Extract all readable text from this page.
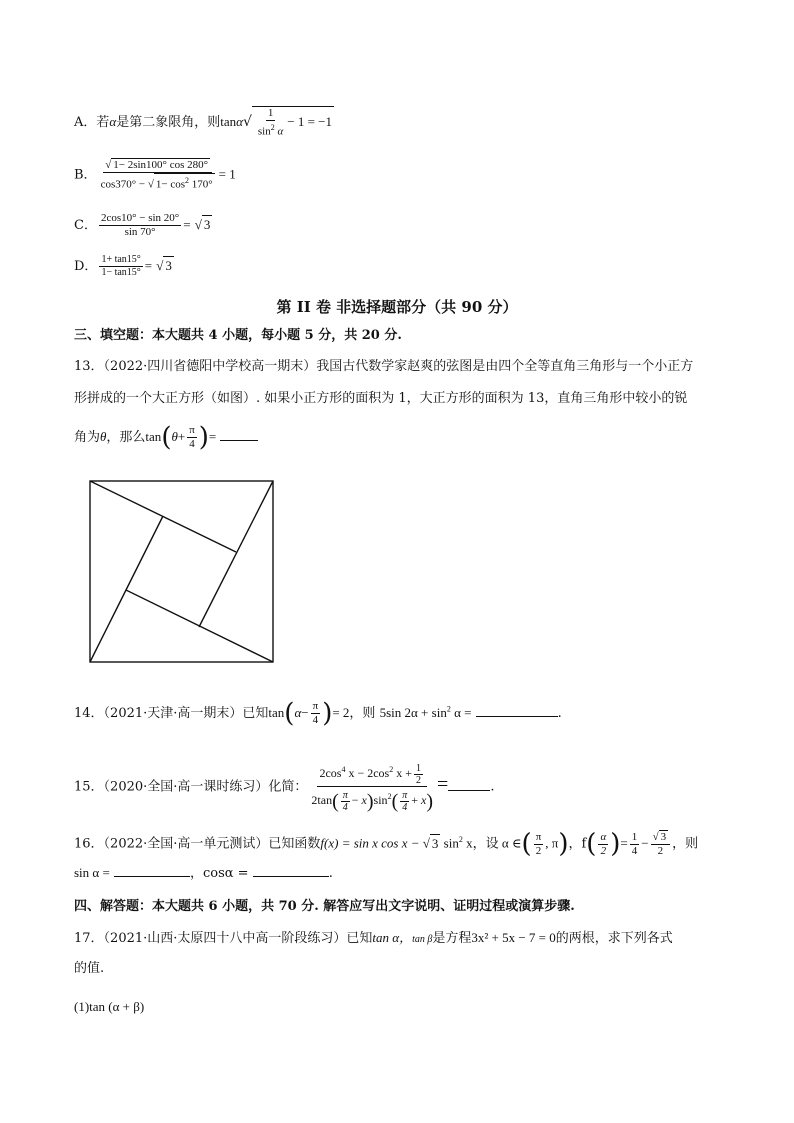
A．若α是第二象限角，则$\tan\alpha√ \frac{1}{\sin^2 \alpha} - 1 = -1$
B． $\frac{√ 1- 2\sin 100^\circ \cos 280^\circ}{\cos 370^\circ - √ 1- \cos^2 170^\circ} = 1$
C． $\frac{2\cos 10^\circ - \sin 20^\circ}{\sin 70^\circ}$ = √ 3
D． $\frac{1+ \tan 15^\circ}{1- \tan 15^\circ}$ = √ 3
第 II 卷 非选择题部分（共 90 分）
三、填空题：本大题共 4 小题，每小题 5 分，共 20 分.
13．（2022·四川省德阳中学校高一期末）我国古代数学家赵爽的弦图是由四个全等直角三角形与一个小正方
形拼成的一个大正方形（如图）. 如果小正方形的面积为 1，大正方形的面积为 13，直角三角形中较小的锐
角为θ，那么$\tan(\theta+ \frac{\pi}{4}$ )=
14．（2021·天津·高一期末）已知$\tan(\alpha- \frac{\pi}{4}$ )= 2，则 5sin $2\alpha + \sin^2 \alpha$ =	.
15．（2020·全国·高一课时练习）化简： $\frac{2\cos^4 x - 2\cos^2 x + \frac{1}{2}}{2\tan( \frac{\pi}{4} - x)\sin^2( \frac{\pi}{4} + x)}$ =	.
16．（2022·全国·高一单元测试）已知函数f(x) = sin x cos x − √ 3 $\sin^2 x$，设 α ∈( $\frac{\pi}{2}$ , π)，$f( \frac{\alpha}{2}$ )= $\frac{1}{4} - \frac{√ 3}{2}$ ，则
sin α =	，cosα =	.
四、解答题：本大题共 6 小题，共 70 分. 解答应写出文字说明、证明过程或演算步骤.
17．（2021·山西·太原四十八中高一阶段练习）已知tan α，tan β是方程3x² + 5x − 7 = 0的两根，求下列各式
的值.
(1)tan (α + β)
